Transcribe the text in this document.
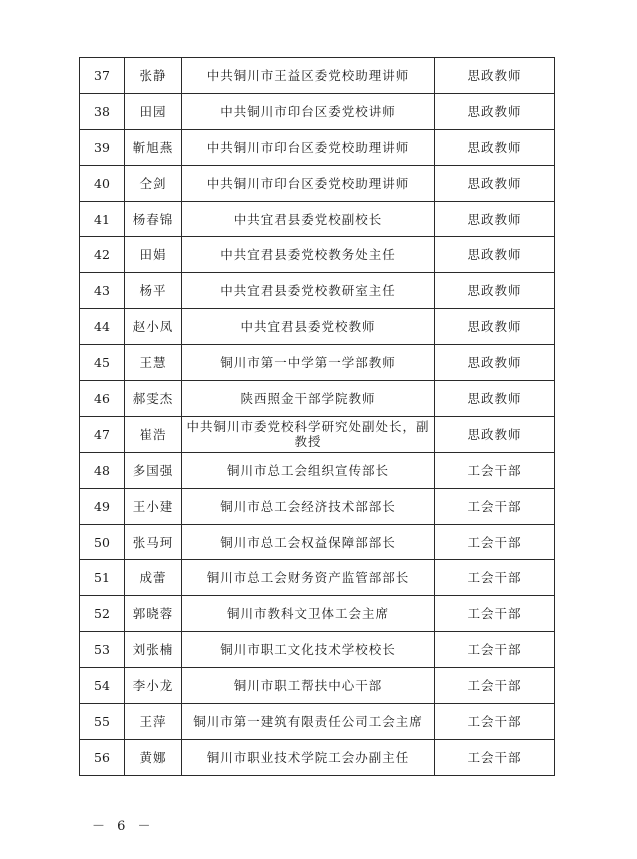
37	张静	中共铜川市王益区委党校助理讲师	思政教师
38	田园	中共铜川市印台区委党校讲师	思政教师
39	靳旭燕	中共铜川市印台区委党校助理讲师	思政教师
40	仝剑	中共铜川市印台区委党校助理讲师	思政教师
41	杨春锦	中共宜君县委党校副校长	思政教师
42	田娟	中共宜君县委党校教务处主任	思政教师
43	杨平	中共宜君县委党校教研室主任	思政教师
44	赵小凤	中共宜君县委党校教师	思政教师
45	王慧	铜川市第一中学第一学部教师	思政教师
46	郝雯杰	陕西照金干部学院教师	思政教师
47	崔浩	中共铜川市委党校科学研究处副处长，副教授	思政教师
48	多国强	铜川市总工会组织宣传部长	工会干部
49	王小建	铜川市总工会经济技术部部长	工会干部
50	张马珂	铜川市总工会权益保障部部长	工会干部
51	成蕾	铜川市总工会财务资产监管部部长	工会干部
52	郭晓蓉	铜川市教科文卫体工会主席	工会干部
53	刘张楠	铜川市职工文化技术学校校长	工会干部
54	李小龙	铜川市职工帮扶中心干部	工会干部
55	王萍	铜川市第一建筑有限责任公司工会主席	工会干部
56	黄娜	铜川市职业技术学院工会办副主任	工会干部
－ 6 －
